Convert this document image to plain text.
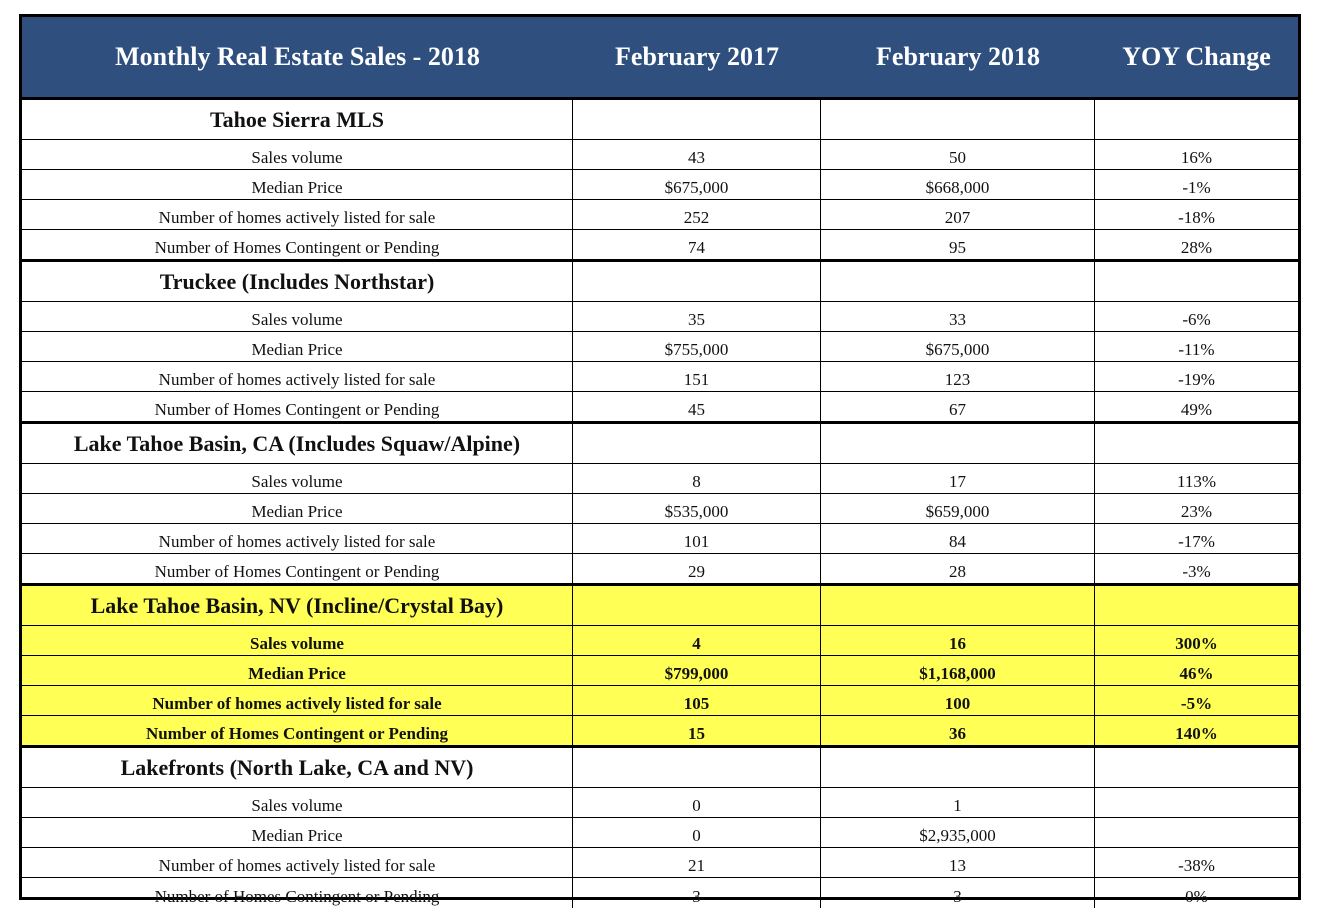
Monthly Real Estate Sales - 2018	February 2017	February 2018	YOY Change
Tahoe Sierra MLS
Sales volume	43	50	16%
Median Price	$675,000	$668,000	-1%
Number of homes actively listed for sale	252	207	-18%
Number of Homes Contingent or Pending	74	95	28%
Truckee (Includes Northstar)
Sales volume	35	33	-6%
Median Price	$755,000	$675,000	-11%
Number of homes actively listed for sale	151	123	-19%
Number of Homes Contingent or Pending	45	67	49%
Lake Tahoe Basin, CA (Includes Squaw/Alpine)
Sales volume	8	17	113%
Median Price	$535,000	$659,000	23%
Number of homes actively listed for sale	101	84	-17%
Number of Homes Contingent or Pending	29	28	-3%
Lake Tahoe Basin, NV (Incline/Crystal Bay)
Sales volume	4	16	300%
Median Price	$799,000	$1,168,000	46%
Number of homes actively listed for sale	105	100	-5%
Number of Homes Contingent or Pending	15	36	140%
Lakefronts (North Lake, CA and NV)
Sales volume	0	1
Median Price	0	$2,935,000
Number of homes actively listed for sale	21	13	-38%
Number of Homes Contingent or Pending	3	3	0%
